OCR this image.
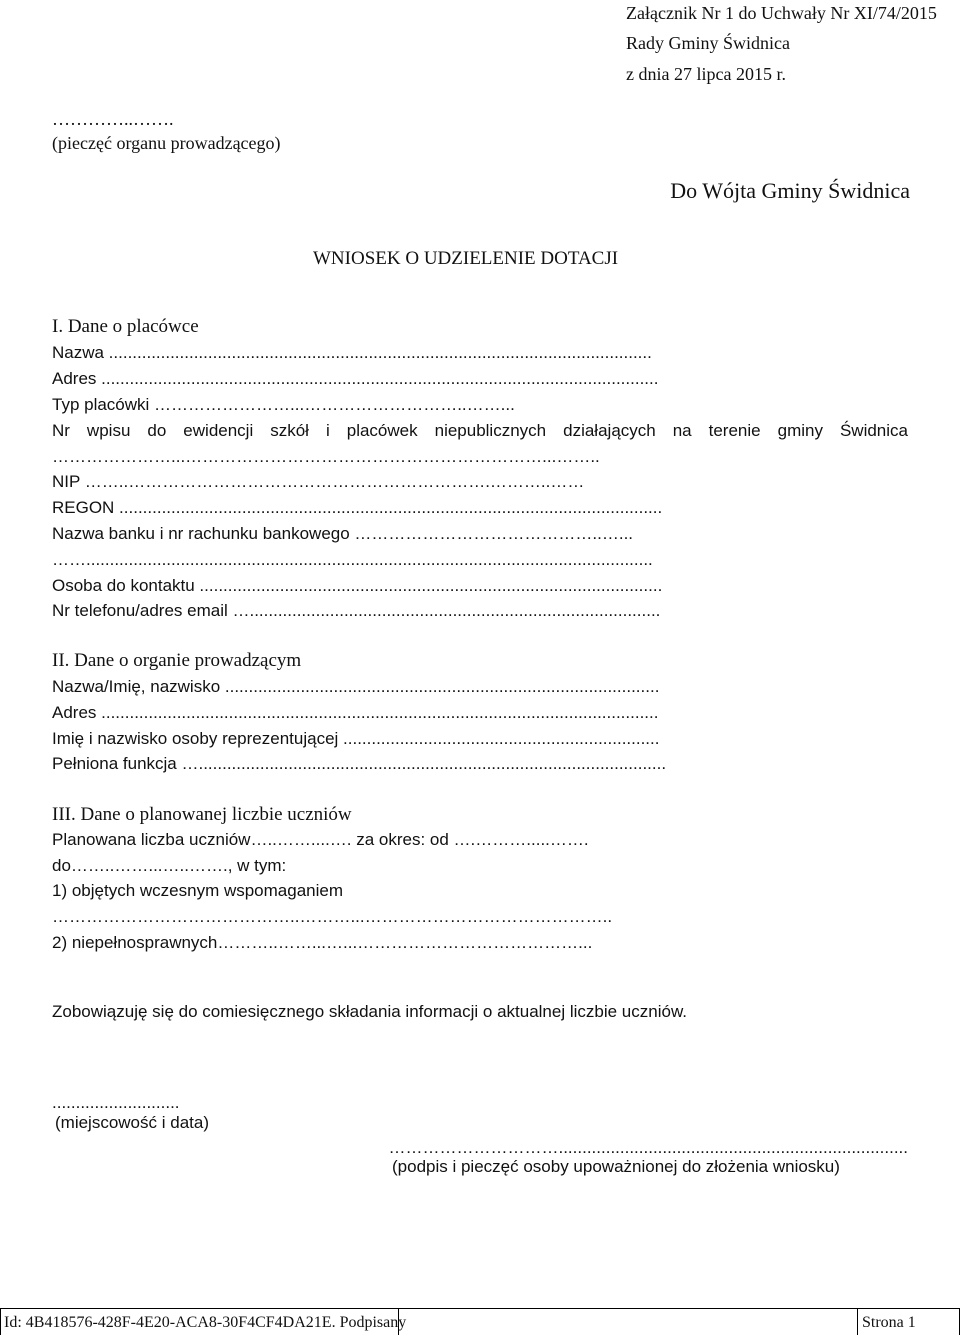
Załącznik Nr 1 do Uchwały Nr XI/74/2015
Rady Gminy Świdnica
z dnia 27 lipca 2015 r.
…………..…….
(pieczęć organu prowadzącego)
Do Wójta Gminy Świdnica
WNIOSEK O UDZIELENIE DOTACJI
I. Dane o placówce
Nazwa ...................................................................................................................
Adres ......................................................................................................................
Typ placówki ……………………...………………………..……...
Nr wpisu do ewidencji szkół i placówek niepublicznych działających na terenie gminy Świdnica
…………………...………………………………………………………...……..
NIP ……..……………………………………………………….………..……
REGON ...................................................................................................................
Nazwa banku i nr rachunku bankowego ……………………………………..…...
……........................................................................................................................
Osoba do kontaktu ..................................................................................................
Nr telefonu/adres email ….......................................................................................
II. Dane o organie prowadzącym
Nazwa/Imię, nazwisko ............................................................................................
Adres ......................................................................................................................
Imię i nazwisko osoby reprezentującej ...................................................................
Pełniona funkcja …...................................................................................................
III. Dane o planowanej liczbie uczniów
Planowana liczba uczniów…..……....…. za okres: od ….……….....…….
do……..……...…..……., w tym:
1) objętych wczesnym wspomaganiem
……………………………………..………...……………………………………..
2) niepełnosprawnych………..……...…...…………………………………...
Zobowiązuję się do comiesięcznego składania informacji o aktualnej liczbie uczniów.
...........................
(miejscowość i data)
…………………………..........................................................................
(podpis i pieczęć osoby upoważnionej do złożenia wniosku)
Id: 4B418576-428F-4E20-ACA8-30F4CF4DA21E. Podpisany	Strona 1
